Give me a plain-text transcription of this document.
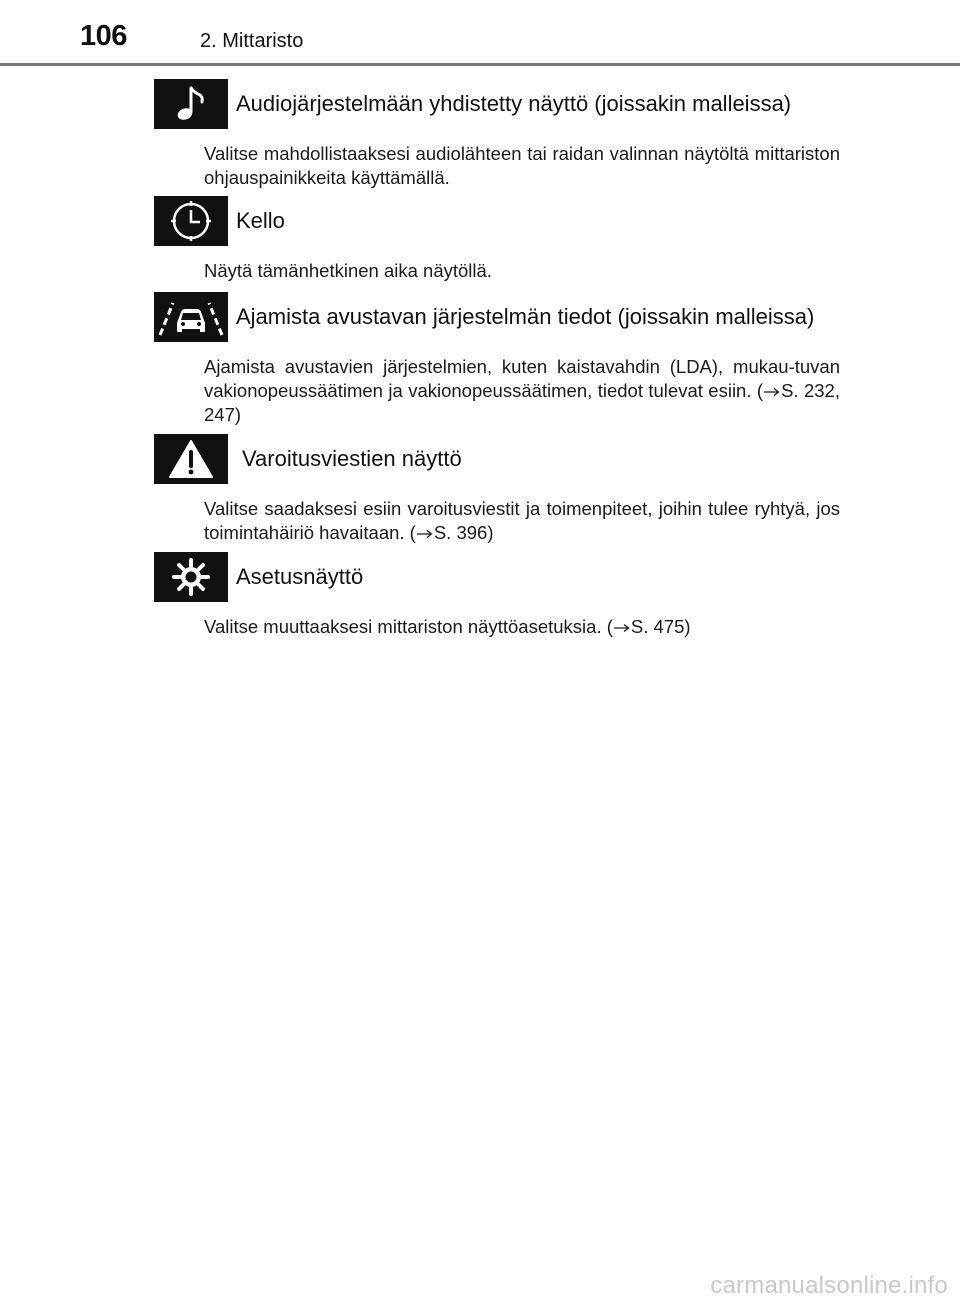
106	2. Mittaristo
Audiojärjestelmään yhdistetty näyttö (joissakin malleissa)
Valitse mahdollistaaksesi audiolähteen tai raidan valinnan näytöltä mittariston ohjauspainikkeita käyttämällä.
Kello
Näytä tämänhetkinen aika näytöllä.
Ajamista avustavan järjestelmän tiedot (joissakin malleissa)
Ajamista avustavien järjestelmien, kuten kaistavahdin (LDA), mukau-tuvan vakionopeussäätimen ja vakionopeussäätimen, tiedot tulevat esiin. ( S. 232, 247)
Varoitusviestien näyttö
Valitse saadaksesi esiin varoitusviestit ja toimenpiteet, joihin tulee ryhtyä, jos toimintahäiriö havaitaan. ( S. 396)
Asetusnäyttö
Valitse muuttaaksesi mittariston näyttöasetuksia. ( S. 475)
carmanualsonline.info
